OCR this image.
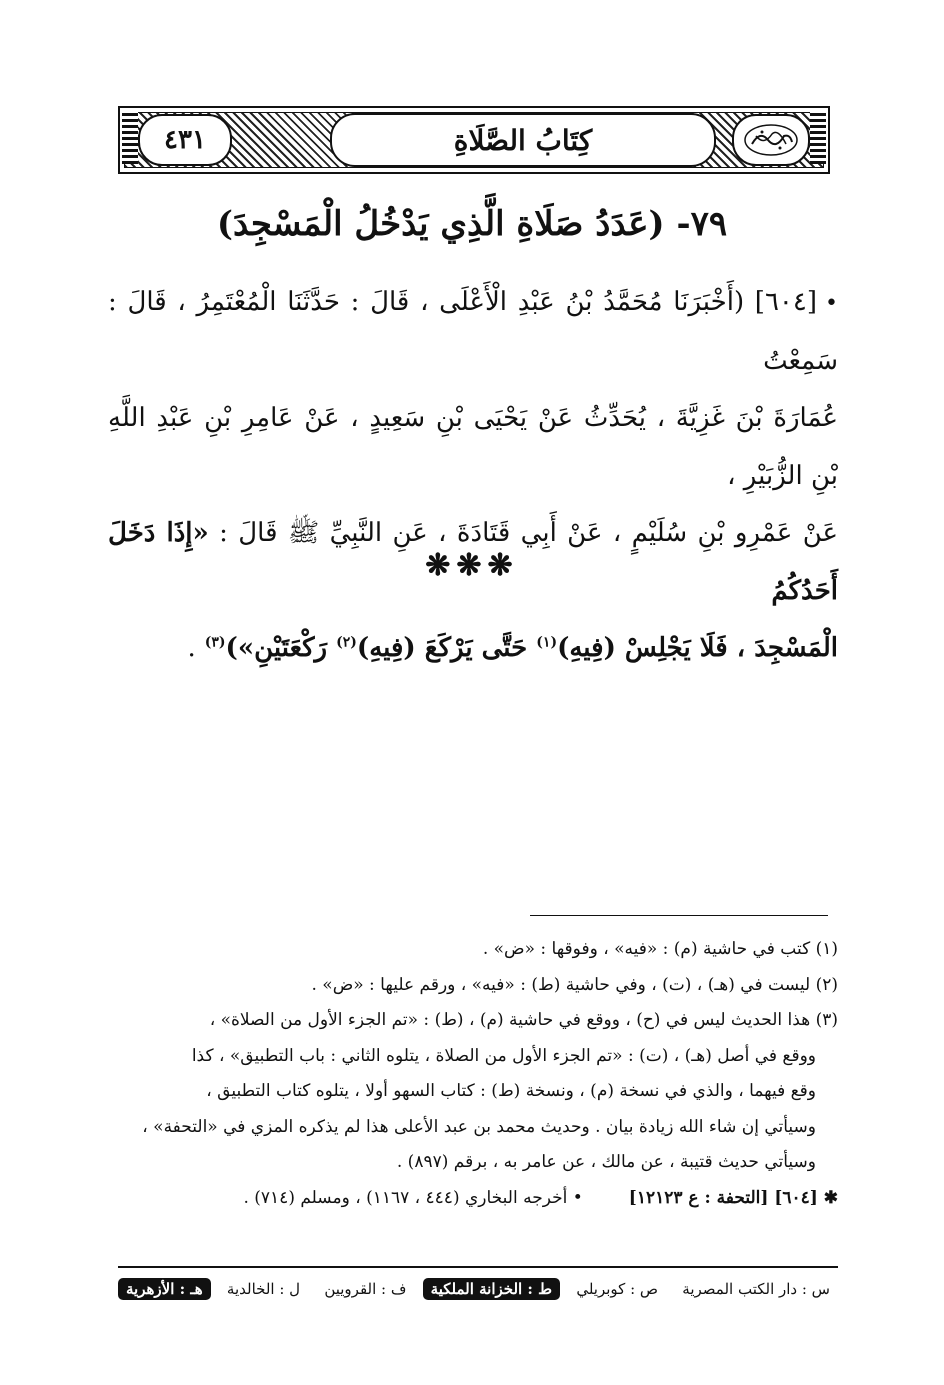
كِتَابُ الصَّلَاةِ
٤٣١
٧٩- (عَدَدُ صَلَاةِ الَّذِي يَدْخُلُ الْمَسْجِدَ)
•[٦٠٤] (أَخْبَرَنَا مُحَمَّدُ بْنُ عَبْدِ الْأَعْلَى ، قَالَ : حَدَّثَنَا الْمُعْتَمِرُ ، قَالَ : سَمِعْتُ
عُمَارَةَ بْنَ غَزِيَّةَ ، يُحَدِّثُ عَنْ يَحْيَى بْنِ سَعِيدٍ ، عَنْ عَامِرِ بْنِ عَبْدِ اللَّهِ بْنِ الزُّبَيْرِ ،
عَنْ عَمْرِو بْنِ سُلَيْمٍ ، عَنْ أَبِي قَتَادَةَ ، عَنِ النَّبِيِّ ﷺ قَالَ : «إِذَا دَخَلَ أَحَدُكُمُ
الْمَسْجِدَ ، فَلَا يَجْلِسْ (فِيهِ)$^{(١)}$ حَتَّى يَرْكَعَ (فِيهِ)$^{(٢)}$ رَكْعَتَيْنِ»)$^{(٣)}$ .
❋❋❋

(١) كتب في حاشية (م) : «فيه» ، وفوقها : «ض» .

(٢) ليست في (هـ) ، (ت) ، وفي حاشية (ط) : «فيه» ، ورقم عليها : «ض» .

(٣) هذا الحديث ليس في (ح) ، ووقع في حاشية (م) ، (ط) : «تم الجزء الأول من الصلاة» ،

ووقع في أصل (هـ) ، (ت) : «تم الجزء الأول من الصلاة ، يتلوه الثاني : باب التطبيق» ، كذا

وقع فيهما ، والذي في نسخة (م) ، ونسخة (ط) : كتاب السهو أولا ، يتلوه كتاب التطبيق ،

وسيأتي إن شاء الله زيادة بيان . وحديث محمد بن عبد الأعلى هذا لم يذكره المزي في «التحفة» ،

وسيأتي حديث قتيبة ، عن مالك ، عن عامر به ، برقم (٨٩٧) .

✱ [٦٠٤] [التحفة : ع ١٢١٢٣]• أخرجه البخاري (٤٤٤ ، ١١٦٧) ، ومسلم (٧١٤) .

س : دار الكتب المصرية
ص : كوبريلي
ط : الخزانة الملكية
ف : القرويين
ل : الخالدية
هـ : الأزهرية
